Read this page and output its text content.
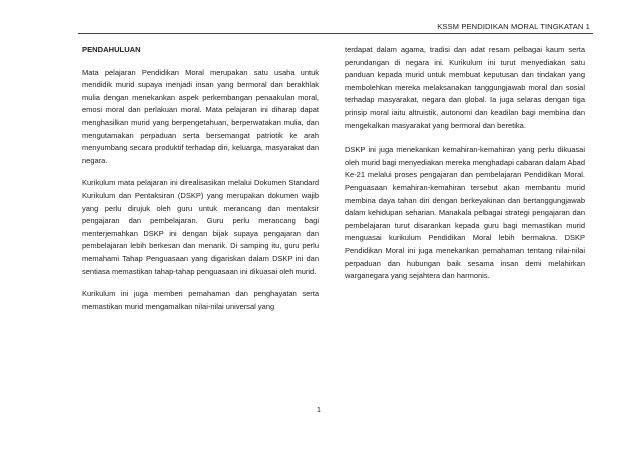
KSSM PENDIDIKAN MORAL TINGKATAN 1
PENDAHULUAN

Mata pelajaran Pendidikan Moral merupakan satu usaha untuk mendidik murid supaya menjadi insan yang bermoral dan berakhlak mulia dengan menekankan aspek perkembangan penaakulan moral, emosi moral dan perlakuan moral. Mata pelajaran ini diharap dapat menghasilkan murid yang berpengetahuan, berperwatakan mulia, dan mengutamakan perpaduan serta bersemangat patriotik ke arah menyumbang secara produktif terhadap diri, keluarga, masyarakat dan negara.

Kurikulum mata pelajaran ini direalisasikan melalui Dokumen Standard Kurikulum dan Pentaksiran (DSKP) yang merupakan dokumen wajib yang perlu dirujuk oleh guru untuk merancang dan mentaksir pengajaran dan pembelajaran. Guru perlu merancang bagi menterjemahkan DSKP ini dengan bijak supaya pengajaran dan pembelajaran lebih berkesan dan menarik. Di samping itu, guru perlu memahami Tahap Penguasaan yang digariskan dalam DSKP ini dan sentiasa memastikan tahap-tahap penguasaan ini dikuasai oleh murid.

Kurikulum ini juga memberi pemahaman dan penghayatan serta memastikan murid mengamalkan nilai-nilai universal yang

terdapat dalam agama, tradisi dan adat resam pelbagai kaum serta perundangan di negara ini. Kurikulum ini turut menyediakan satu panduan kepada murid untuk membuat keputusan dan tindakan yang membolehkan mereka melaksanakan tanggungjawab moral dan sosial terhadap masyarakat, negara dan global. Ia juga selaras dengan tiga prinsip moral iaitu altruistik, autonomi dan keadilan bagi membina dan mengekalkan masyarakat yang bermoral dan beretika.

DSKP ini juga menekankan kemahiran-kemahiran yang perlu dikuasai oleh murid bagi menyediakan mereka menghadapi cabaran dalam Abad Ke-21 melalui proses pengajaran dan pembelajaran Pendidikan Moral. Penguasaan kemahiran-kemahiran tersebut akan membantu murid membina daya tahan diri dengan berkeyakinan dan bertanggungjawab dalam kehidupan seharian. Manakala pelbagai strategi pengajaran dan pembelajaran turut disarankan kepada guru bagi memastikan murid menguasai kurikulum Pendidikan Moral lebih bermakna. DSKP Pendidikan Moral ini juga menekankan pemahaman tentang nilai-nilai perpaduan dan hubungan baik sesama insan demi melahirkan warganegara yang sejahtera dan harmonis.

1
